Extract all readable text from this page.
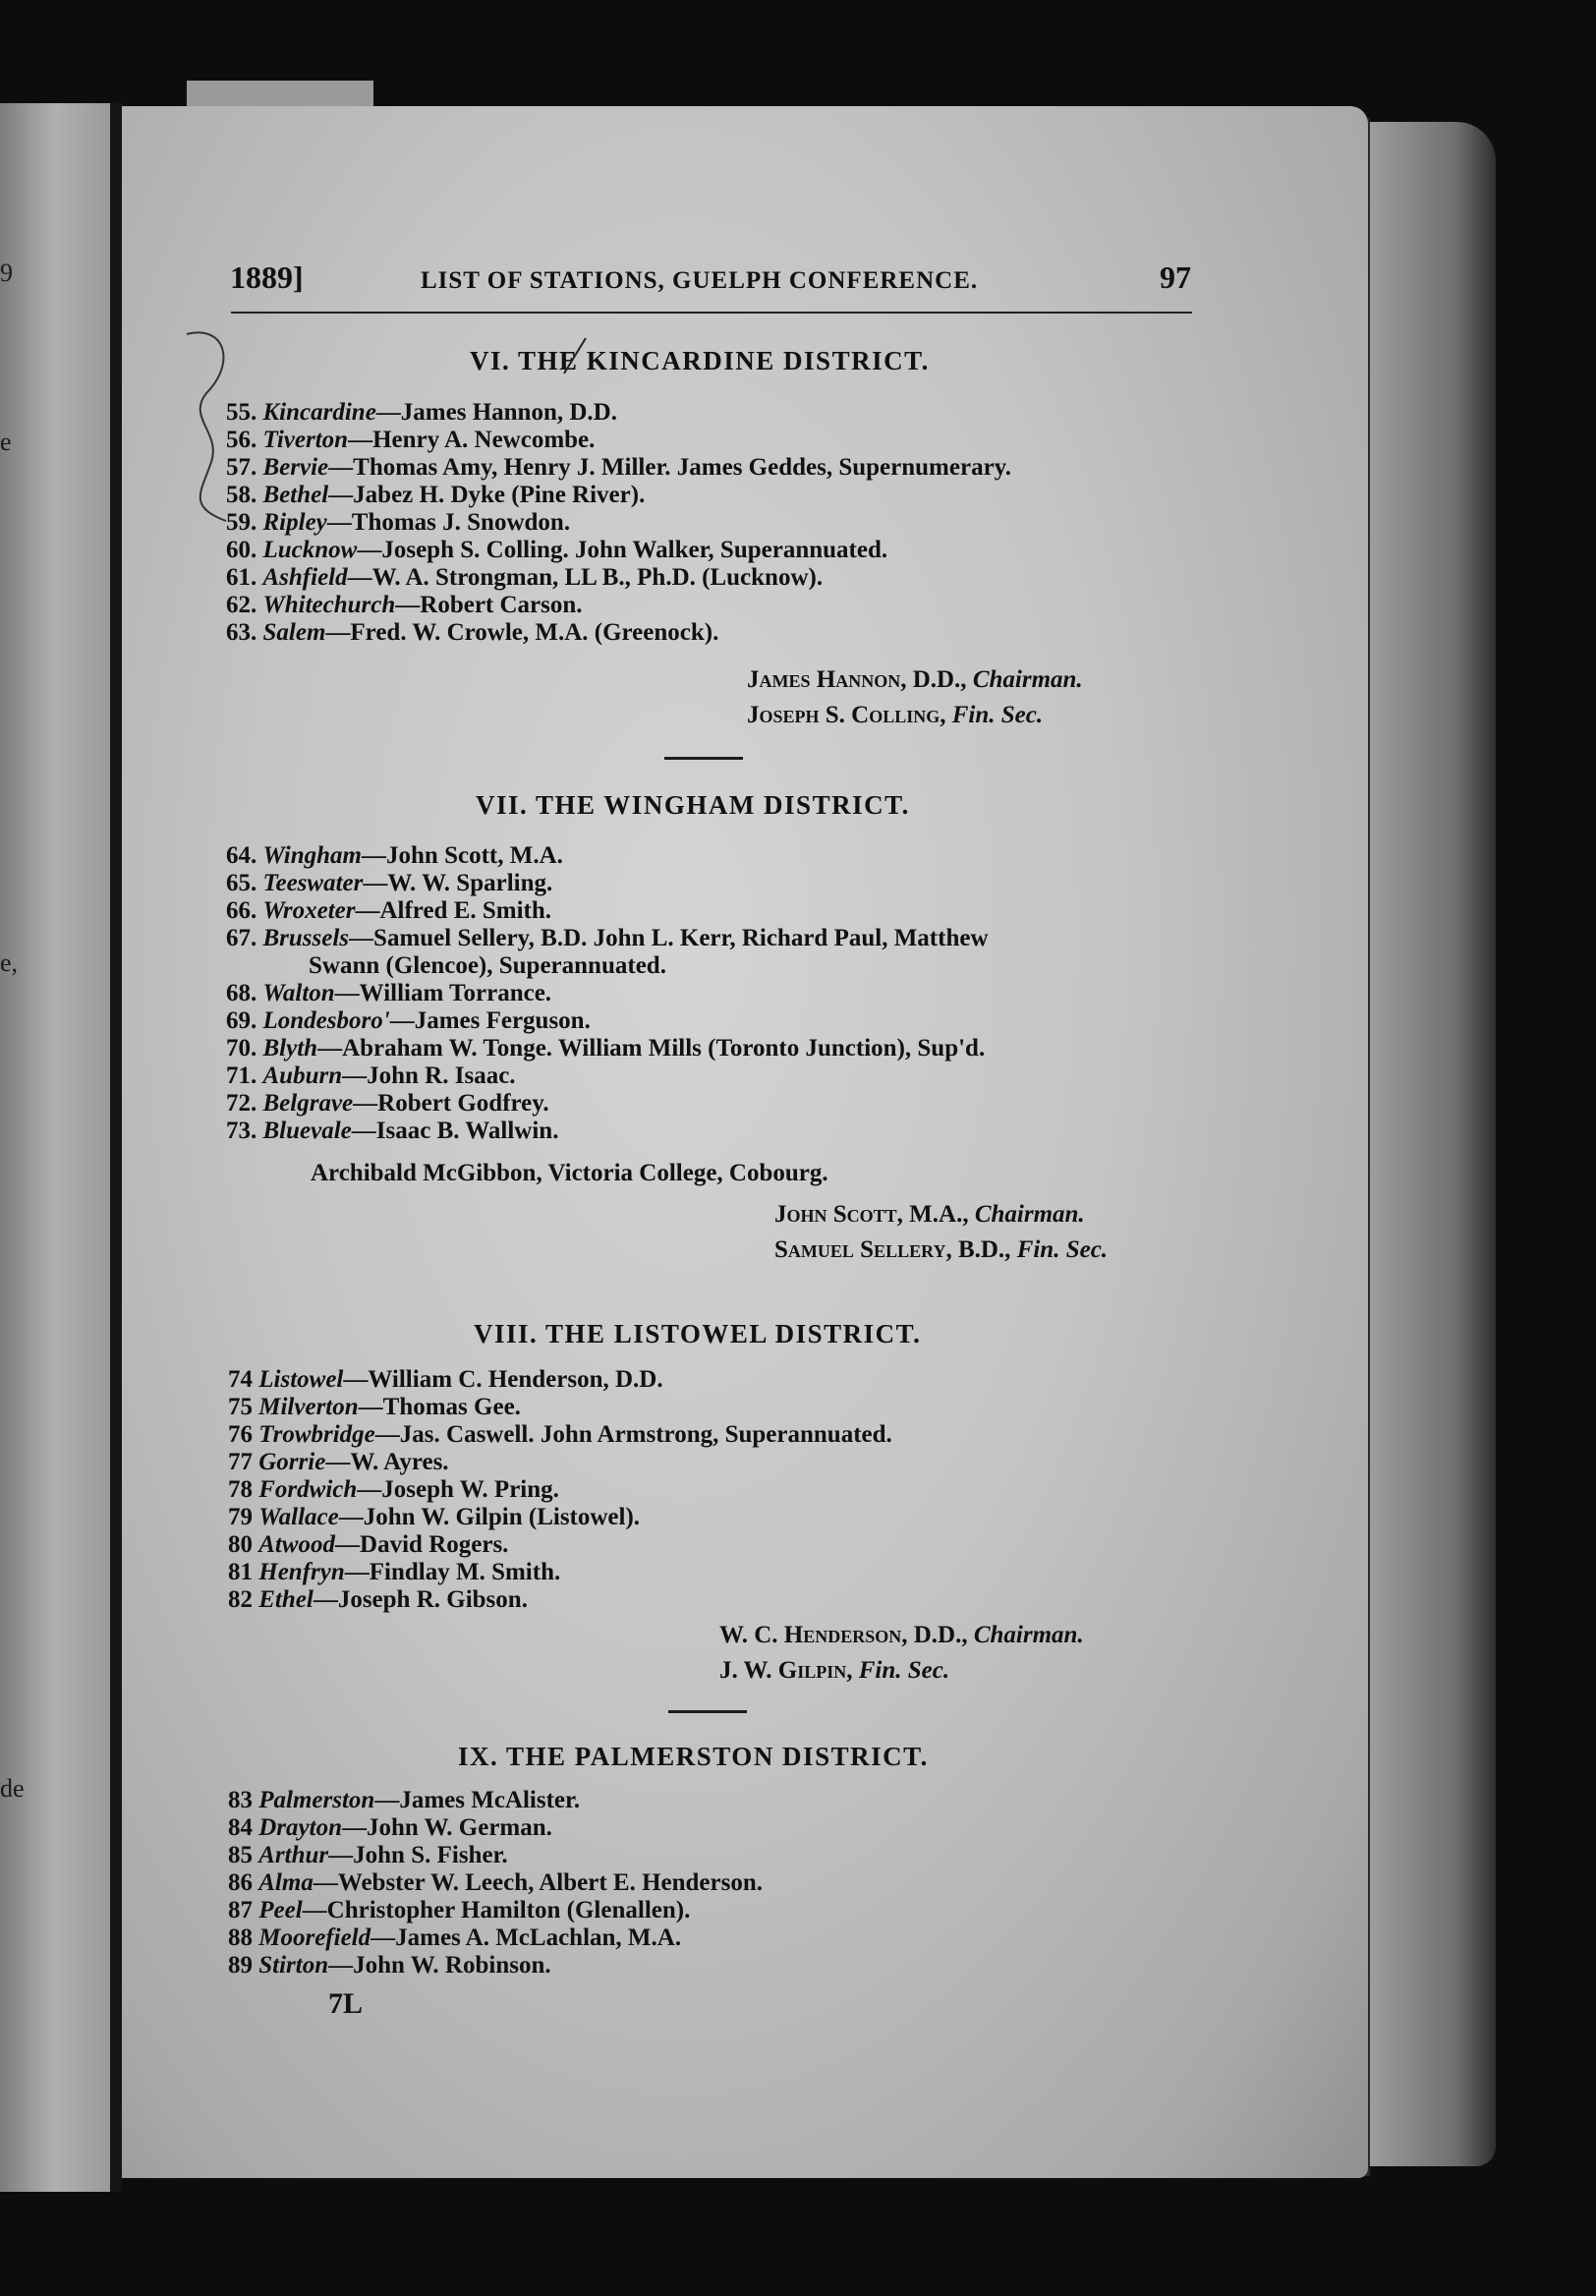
9
e
e,
de
1889]	LIST OF STATIONS, GUELPH CONFERENCE.	97
VI. THE KINCARDINE DISTRICT.
55. Kincardine—James Hannon, D.D.
56. Tiverton—Henry A. Newcombe.
57. Bervie—Thomas Amy, Henry J. Miller. James Geddes, Supernumerary.
58. Bethel—Jabez H. Dyke (Pine River).
59. Ripley—Thomas J. Snowdon.
60. Lucknow—Joseph S. Colling. John Walker, Superannuated.
61. Ashfield—W. A. Strongman, LL B., Ph.D. (Lucknow).
62. Whitechurch—Robert Carson.
63. Salem—Fred. W. Crowle, M.A. (Greenock).
James Hannon, D.D., Chairman.
Joseph S. Colling, Fin. Sec.
VII. THE WINGHAM DISTRICT.
64. Wingham—John Scott, M.A.
65. Teeswater—W. W. Sparling.
66. Wroxeter—Alfred E. Smith.
67. Brussels—Samuel Sellery, B.D. John L. Kerr, Richard Paul, Matthew
Swann (Glencoe), Superannuated.
68. Walton—William Torrance.
69. Londesboro'—James Ferguson.
70. Blyth—Abraham W. Tonge. William Mills (Toronto Junction), Sup'd.
71. Auburn—John R. Isaac.
72. Belgrave—Robert Godfrey.
73. Bluevale—Isaac B. Wallwin.
Archibald McGibbon, Victoria College, Cobourg.
John Scott, M.A., Chairman.
Samuel Sellery, B.D., Fin. Sec.
VIII. THE LISTOWEL DISTRICT.
74 Listowel—William C. Henderson, D.D.
75 Milverton—Thomas Gee.
76 Trowbridge—Jas. Caswell. John Armstrong, Superannuated.
77 Gorrie—W. Ayres.
78 Fordwich—Joseph W. Pring.
79 Wallace—John W. Gilpin (Listowel).
80 Atwood—David Rogers.
81 Henfryn—Findlay M. Smith.
82 Ethel—Joseph R. Gibson.
W. C. Henderson, D.D., Chairman.
J. W. Gilpin, Fin. Sec.
IX. THE PALMERSTON DISTRICT.
83 Palmerston—James McAlister.
84 Drayton—John W. German.
85 Arthur—John S. Fisher.
86 Alma—Webster W. Leech, Albert E. Henderson.
87 Peel—Christopher Hamilton (Glenallen).
88 Moorefield—James A. McLachlan, M.A.
89 Stirton—John W. Robinson.
7L
